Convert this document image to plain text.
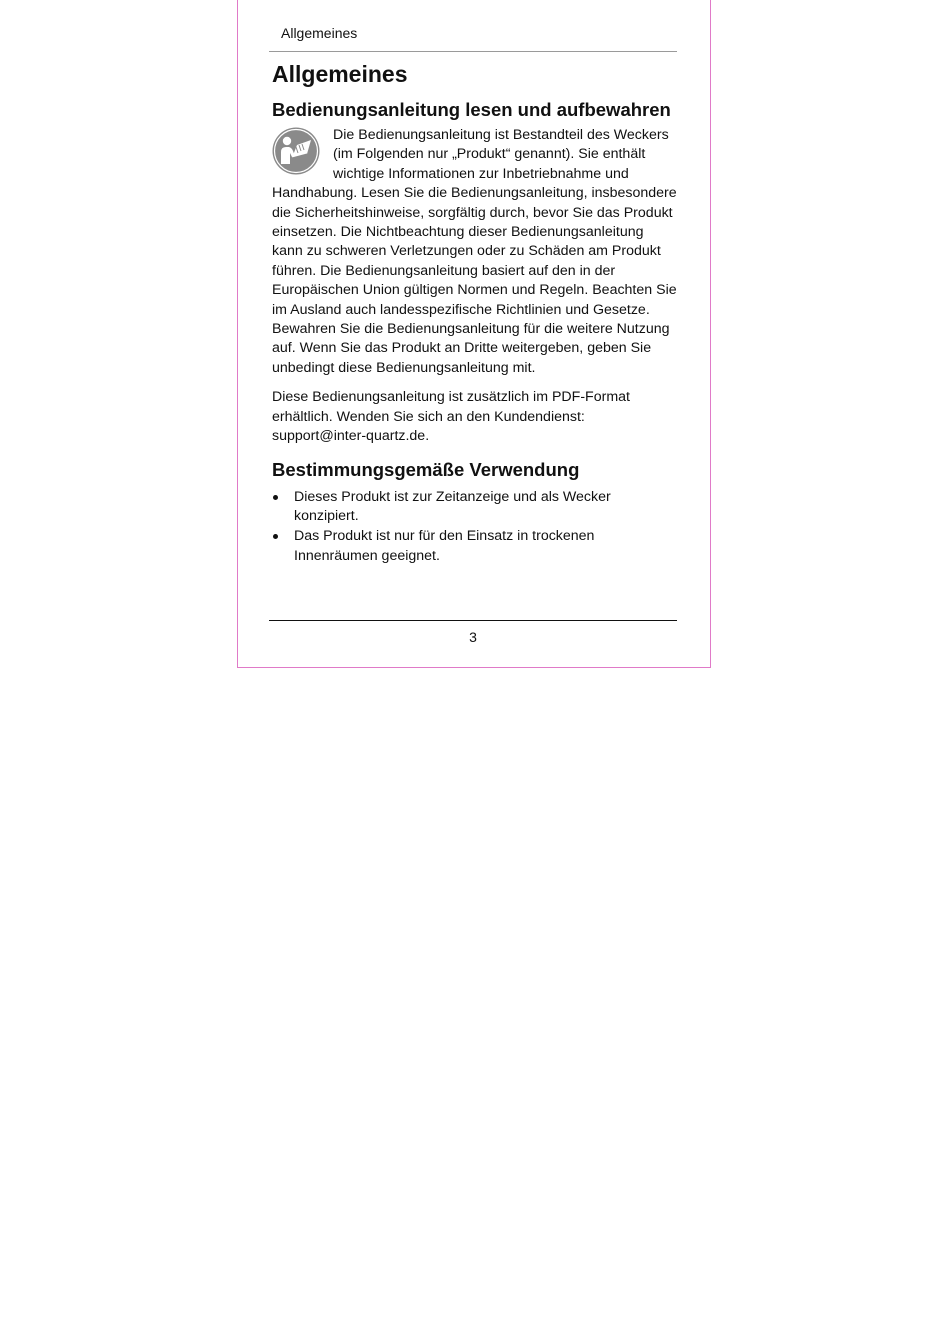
Allgemeines
Allgemeines
Bedienungsanleitung lesen und aufbewahren

Die Bedienungsanleitung ist Bestandteil des Weckers (im Folgenden nur „Produkt“ genannt). Sie enthält wichtige Informationen zur Inbetriebnahme und Handhabung. Lesen Sie die Bedienungsanleitung, insbesondere die Sicherheitshinweise, sorgfältig durch, bevor Sie das Produkt einsetzen. Die Nichtbeachtung dieser Bedienungsanleitung kann zu schweren Verletzungen oder zu Schäden am Produkt führen. Die Bedienungsanleitung basiert auf den in der Europäischen Union gültigen Normen und Regeln. Beachten Sie im Ausland auch landesspezifische Richtlinien und Gesetze. Bewahren Sie die Bedienungsanleitung für die weitere Nutzung auf. Wenn Sie das Produkt an Dritte weitergeben, geben Sie unbedingt diese Bedienungsanleitung mit.

Diese Bedienungsanleitung ist zusätzlich im PDF-Format erhältlich. Wenden Sie sich an den Kundendienst: support@inter-quartz.de.

Bestimmungsgemäße Verwendung
Dieses Produkt ist zur Zeitanzeige und als Wecker konzipiert.
Das Produkt ist nur für den Einsatz in trockenen Innenräumen geeignet.
3
